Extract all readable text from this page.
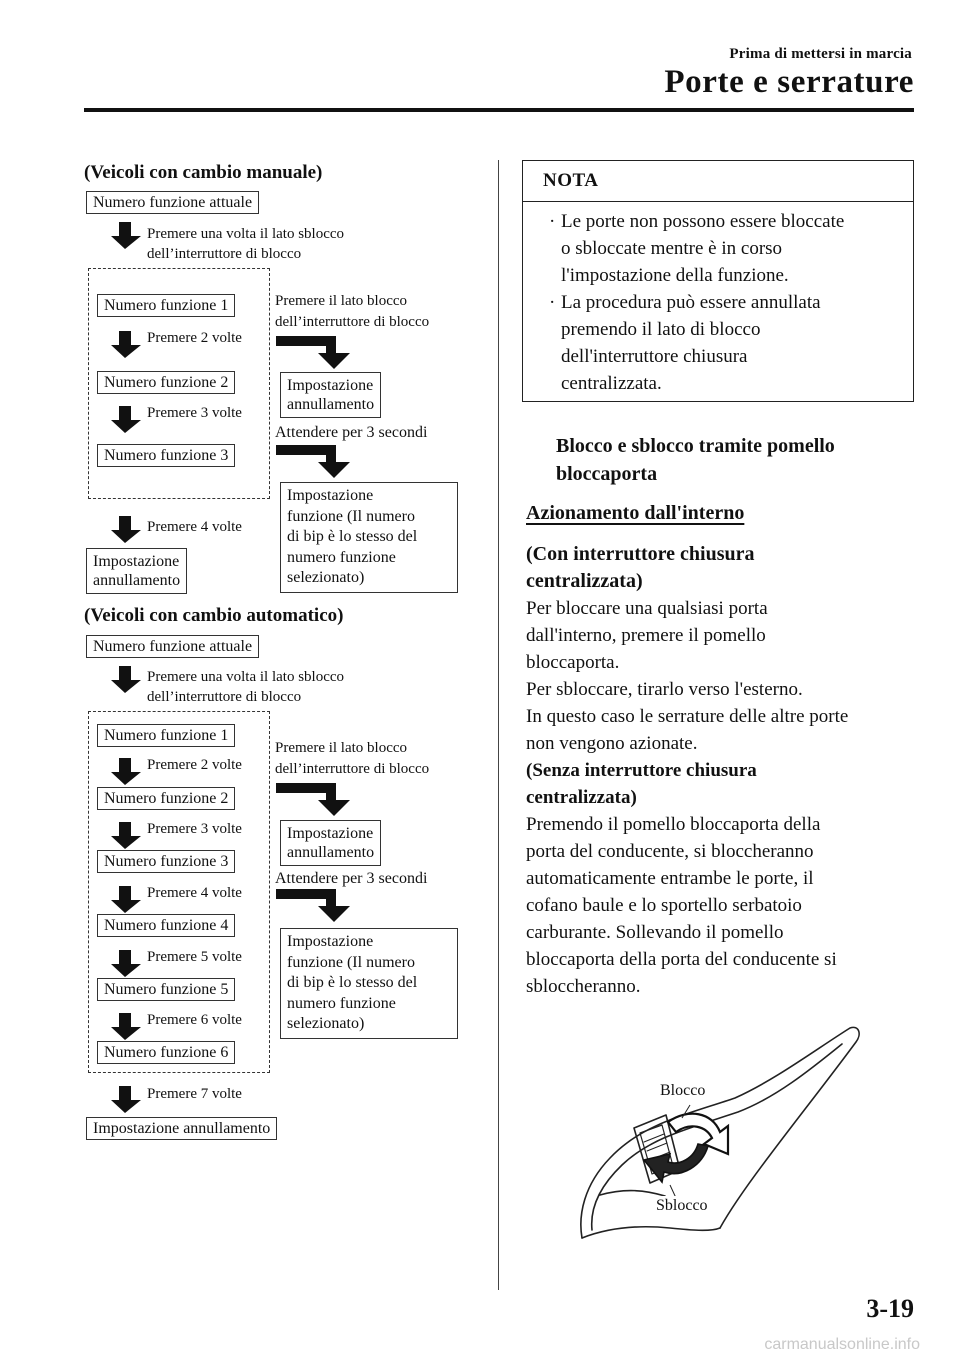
Prima di mettersi in marcia
Porte e serrature
(Veicoli con cambio manuale)
Numero funzione attuale
Premere una volta il lato sblocco
dell’interruttore di blocco
Numero funzione 1
Premere 2 volte
Numero funzione 2
Premere 3 volte
Numero funzione 3
Premere 4 volte
Impostazione
annullamento
Premere il lato blocco
dell’interruttore di blocco
Impostazione
annullamento
Attendere per 3 secondi
Impostazione
funzione (Il numero
di bip è lo stesso del
numero funzione
selezionato)
(Veicoli con cambio automatico)
Numero funzione attuale
Premere una volta il lato sblocco
dell’interruttore di blocco
Numero funzione 1
Premere 2 volte
Numero funzione 2
Premere 3 volte
Numero funzione 3
Premere 4 volte
Numero funzione 4
Premere 5 volte
Numero funzione 5
Premere 6 volte
Numero funzione 6
Premere 7 volte
Impostazione annullamento
Premere il lato blocco
dell’interruttore di blocco
Impostazione
annullamento
Attendere per 3 secondi
Impostazione
funzione (Il numero
di bip è lo stesso del
numero funzione
selezionato)
NOTA
· Le porte non possono essere bloccate
o sbloccate mentre è in corso
l'impostazione della funzione.
· La procedura può essere annullata
premendo il lato di blocco
dell'interruttore chiusura
centralizzata.
Blocco e sblocco tramite pomello
bloccaporta
Azionamento dall'interno
(Con interruttore chiusura
centralizzata)
Per bloccare una qualsiasi porta
dall'interno, premere il pomello
bloccaporta.
Per sbloccare, tirarlo verso l'esterno.
In questo caso le serrature delle altre porte
non vengono azionate.
(Senza interruttore chiusura
centralizzata)
Premendo il pomello bloccaporta della
porta del conducente, si bloccheranno
automaticamente entrambe le porte, il
cofano baule e lo sportello serbatoio
carburante. Sollevando il pomello
bloccaporta della porta del conducente si
sbloccheranno.
Blocco
Sblocco
3-19
carmanualsonline.info
